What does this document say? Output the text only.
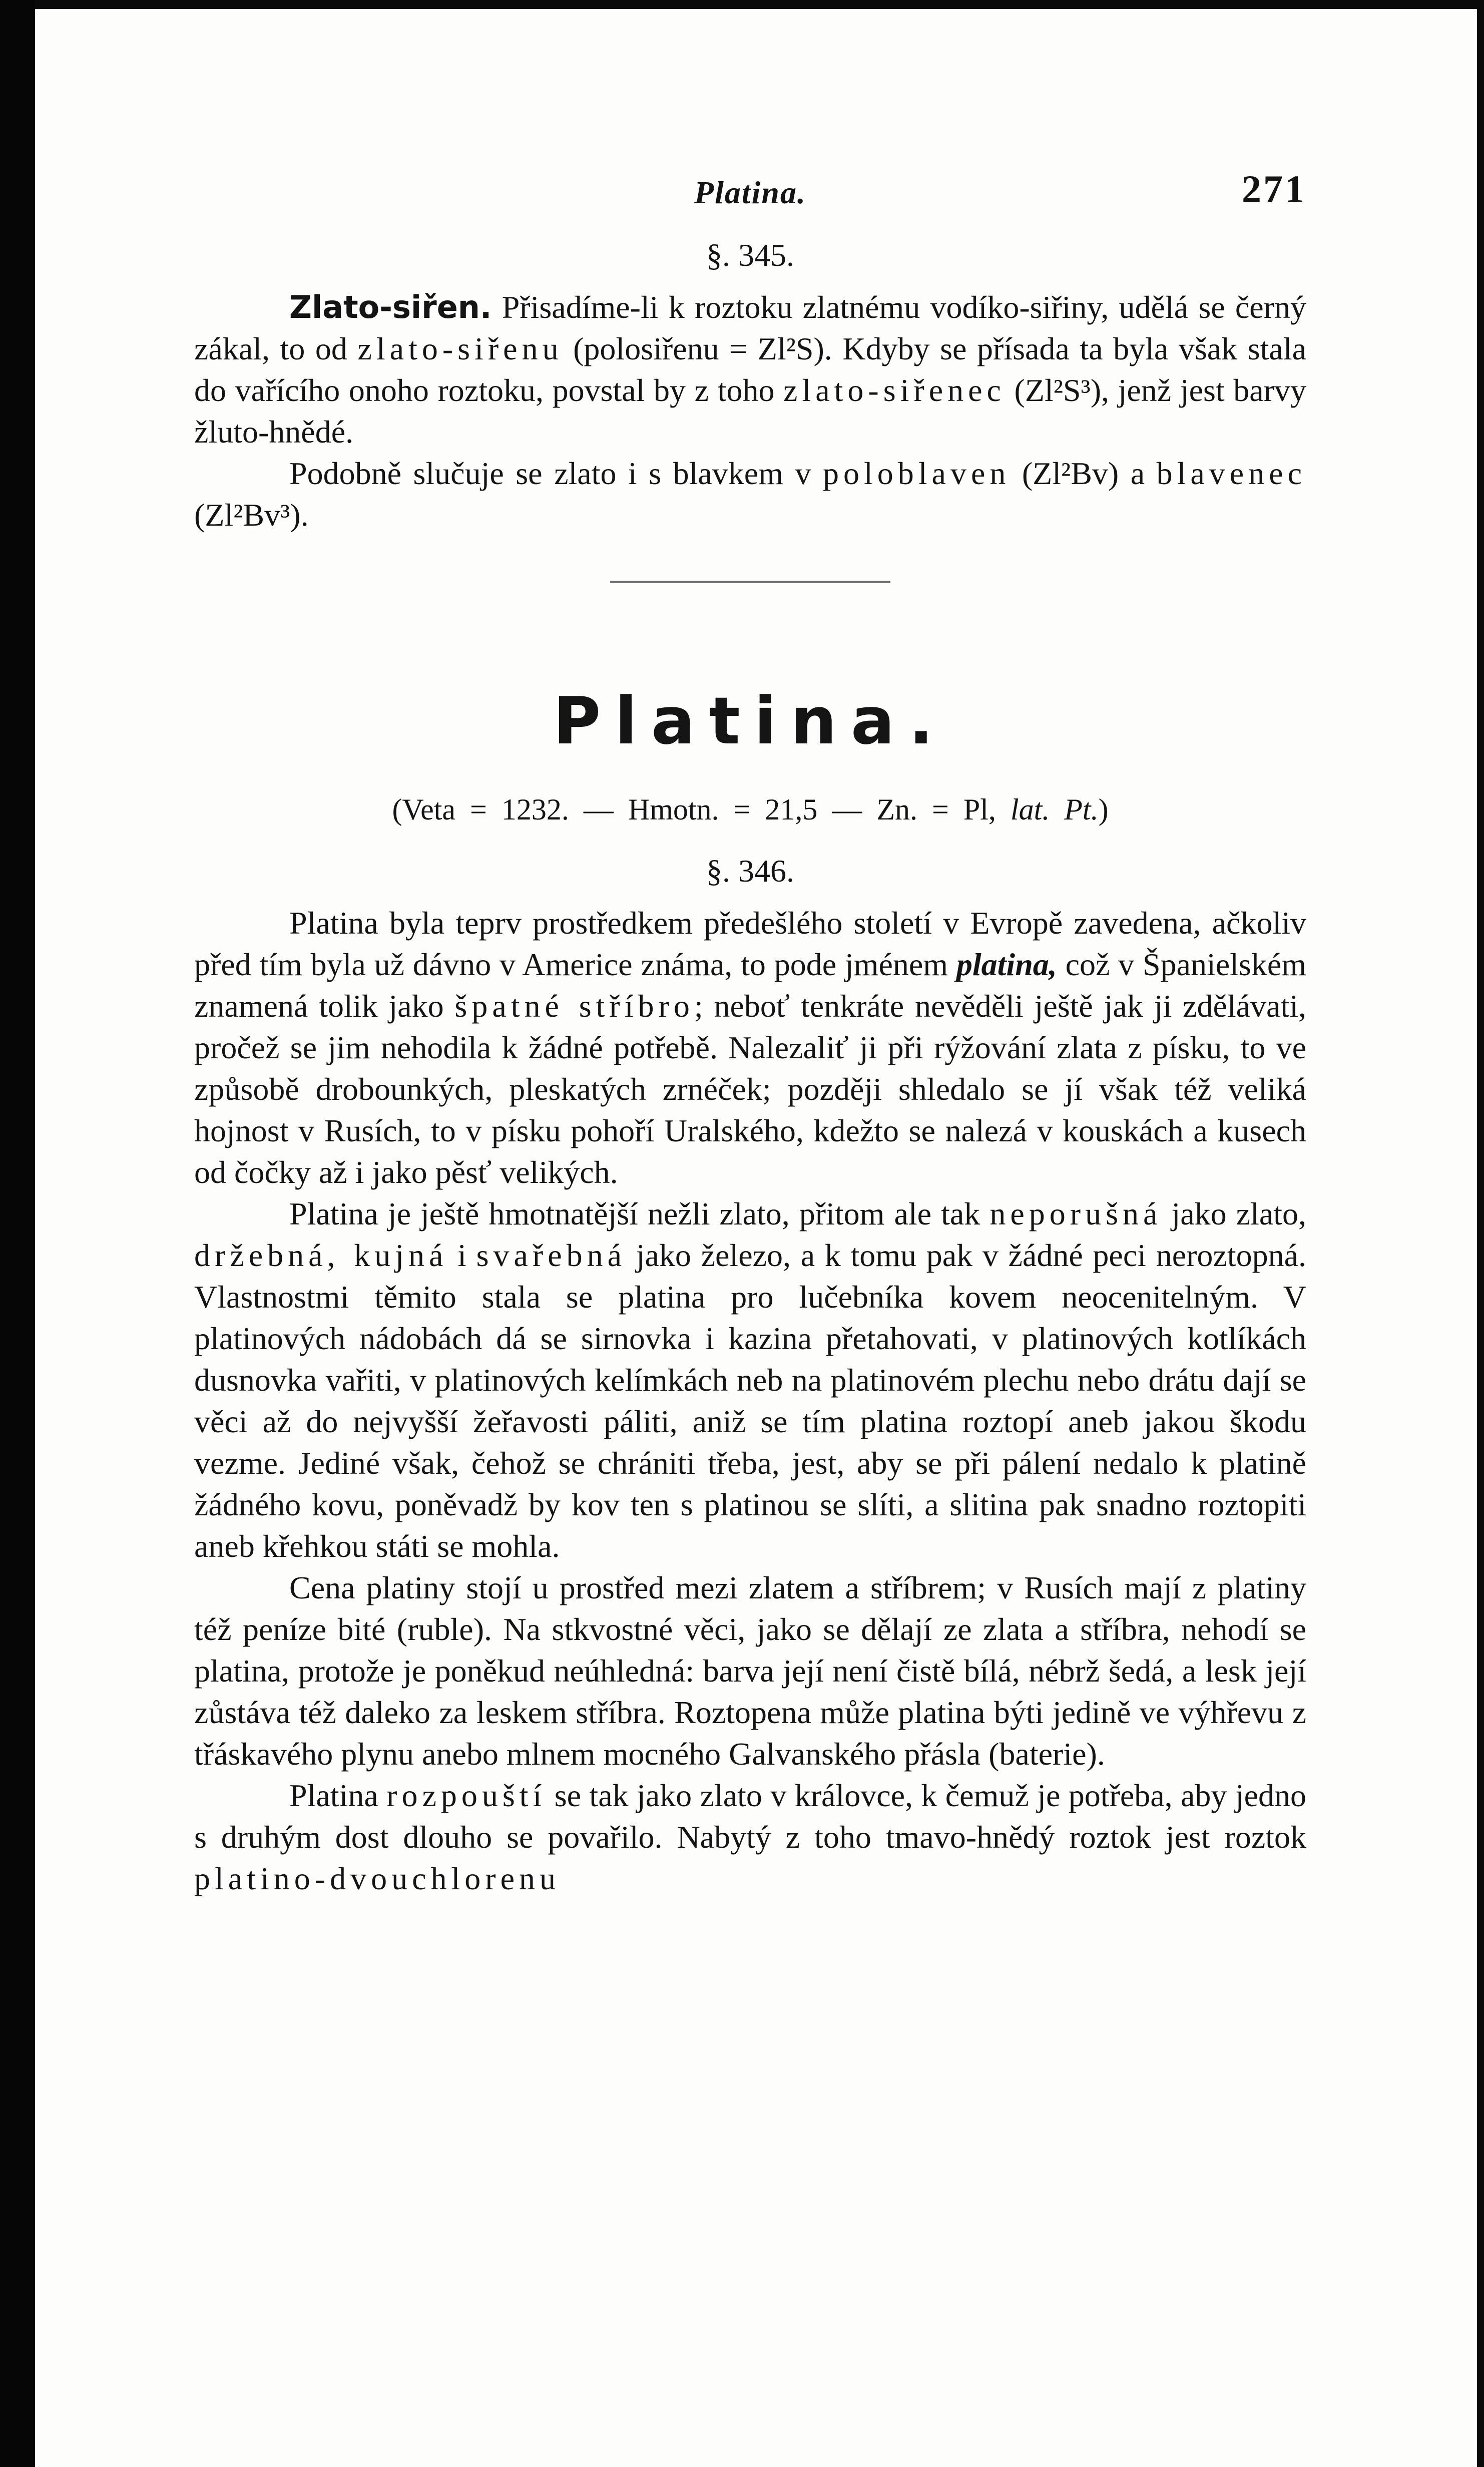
Platina.	271
§. 345.

Zlato-siřen. Přisadíme-li k roztoku zlatnému vodíko-siřiny, udělá se černý zákal, to od zlato-siřenu (polosiřenu = Zl²S). Kdyby se přísada ta byla však stala do vařícího onoho roztoku, povstal by z toho zlato-siřenec (Zl²S³), jenž jest barvy žluto-hnědé.

Podobně slučuje se zlato i s blavkem v poloblaven (Zl²Bv) a blavenec (Zl²Bv³).

Platina.
(Veta = 1232. — Hmotn. = 21,5 — Zn. = Pl, lat. Pt.)
§. 346.

Platina byla teprv prostředkem předešlého století v Evropě zavedena, ačkoliv před tím byla už dávno v Americe známa, to pode jménem platina, což v Španielském znamená tolik jako špatné stříbro; neboť tenkráte nevěděli ještě jak ji zdělávati, pročež se jim nehodila k žádné potřebě. Nalezaliť ji při rýžování zlata z písku, to ve způsobě drobounkých, pleskatých zrnéček; později shledalo se jí však též veliká hojnost v Rusích, to v písku pohoří Uralského, kdežto se nalezá v kouskách a kusech od čočky až i jako pěsť velikých.

Platina je ještě hmotnatější nežli zlato, přitom ale tak neporušná jako zlato, držebná, kujná i svařebná jako železo, a k tomu pak v žádné peci neroztopná. Vlastnostmi těmito stala se platina pro lučebníka kovem neocenitelným. V platinových nádobách dá se sirnovka i kazina přetahovati, v platinových kotlíkách dusnovka vařiti, v platinových kelímkách neb na platinovém plechu nebo drátu dají se věci až do nejvyšší žeřavosti páliti, aniž se tím platina roztopí aneb jakou škodu vezme. Jediné však, čehož se chrániti třeba, jest, aby se při pálení nedalo k platině žádného kovu, poněvadž by kov ten s platinou se slíti, a slitina pak snadno roztopiti aneb křehkou státi se mohla.

Cena platiny stojí u prostřed mezi zlatem a stříbrem; v Rusích mají z platiny též peníze bité (ruble). Na stkvostné věci, jako se dělají ze zlata a stříbra, nehodí se platina, protože je poněkud neúhledná: barva její není čistě bílá, nébrž šedá, a lesk její zůstáva též daleko za leskem stříbra. Roztopena může platina býti jedině ve výhřevu z třáskavého plynu anebo mlnem mocného Galvanského přásla (baterie).

Platina rozpouští se tak jako zlato v královce, k čemuž je potřeba, aby jedno s druhým dost dlouho se povařilo. Nabytý z toho tmavo-hnědý roztok jest roztok platino-dvouchlorenu
